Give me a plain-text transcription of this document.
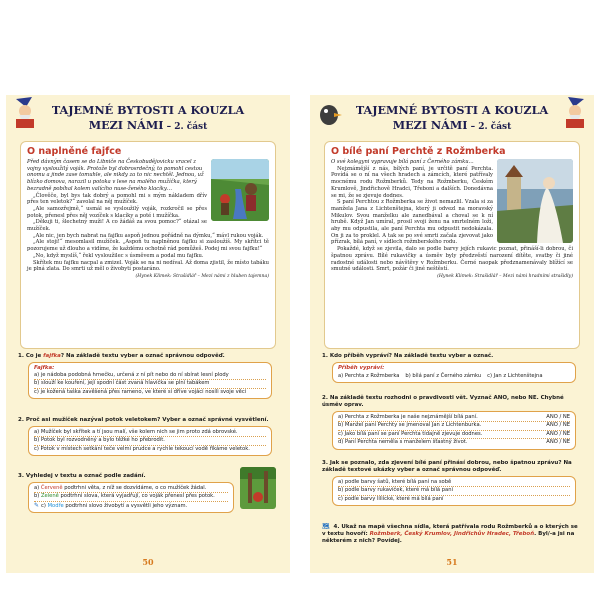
TAJEMNÉ BYTOSTI A KOUZLA
MEZI NÁMI – 2. část
O naplněné fajfce
Před dávným časem se do Libniče na Českobudějovicku vracel z vojny vysloužilý voják. Protože byl dobrosrdečný, to pomohl cestou onomu a jinde zase tomuhle, ale nikdy za to nic nechtěl. Jednou, už blízko domova, narazil u potoka v lese na malého mužíčka, který bezradně pobíhal kolem valícího nuse-ženého klacíky…

„Člověče, byl bys tak dobrý a pomohl mi s mým nákladem dřív přes ten veletok?“ zavolal na něj mužíček.

„Ale samozřejmě,“ usmál se vysloužilý voják, rozkročil se přes potok, přenesl přes něj vozíček s klacíky a poté i mužíčka.

„Děkuji ti, šlechetný muži! A co žádáš za svou pomoc?“ otázal se mužíček.

„Ale nic, jen bych nabrat na fajfku aspoň jednou pořádně na dýmku,“ mávl rukou voják.

„Ale stojí!“ mesomlasil mužíček. „Aspoň tu naplněnou fajfku si zasloužíš. My skřítci tě pozorujeme už dlouho a vidíme, že každému ochotně rád pomůžeš. Podej mi svou fajfku!“

„No, když myslíš,“ řekl vysloužilec s úsměvem a podal mu fajfku.

Skřítek mu fajfku nacpal a zmizel. Voják se na ni nedíval. Až doma zjistil, že místo tabáku je plná zlata. Do smrti už měl o živobytí postaráno.

(Hynek Klimek: Strašidlář – Mezi námi z hluben tajemna)
1. Co je fajfka? Na základě textu vyber a označ správnou odpověď.
Fajfka:
a) je nádoba podobná hrnečku, určená z ní pít nebo do ní sbírat lesní plody
b) slouží ke kouření, její spodní část zvaná hlavička se plní tabákem
c) je kožená taška zavěšená přes rameno, ve které si dříve vojáci nosili svoje věci
2. Proč asi mužíček nazýval potok veletokem? Vyber a označ správné vysvětlení.
a) Mužíček byl skřítek a tí jsou malí, vše kolem nich se jim proto zdá obrovské.
b) Potok byl rozvodněný a bylo těžké ho přebrodit.
c) Potok v místech setkání teče velmi prudce a rychle tekoucí vodě říkáme veletok.
3. Vyhledej v textu a označ podle zadání.
a) Červeně podtrhni věta, z níž se dozvídáme, o co mužíček žádal.
b) Zeleně podtrhni slova, která vyjadřují, co voják přenesl přes potok.
✎ c) Modře podtrhni slovo živobytí a vysvětli jeho význam.
50
TAJEMNÉ BYTOSTI A KOUZLA
MEZI NÁMI – 2. část
O bílé paní Perchtě z Rožmberka
O své kolegyni vypravuje bílá paní z Černého zámku…

Nejznámější z nás, bílých paní, je určitě paní Perchta. Povídá se o ní na všech hradech a zámcích, které patřívaly mocnému rodu Rožmberků. Tedy na Rožmberku, Českém Krumlově, Jindřichově Hradci, Třeboni a dalších. Donedávna se mi, že se zjevuje dodnes.

S paní Perchtou z Rožmberka se život nemazlil. Vzala si za manžela Jana z Lichtenštejna, který ji odvezl na moravský Mikulov. Svou manželku ale zanedbával a choval se k ní hrubě. Když Jan umíral, prosil svoji ženu na smrtelném loži, aby mu odpustila, ale paní Perchta mu odpustit nedokázala. On ji za to proklel. A tak se po své smrti začala zjevovat jako přízrak, bílá paní, v sídlech rožmberského rodu.

Pokaždé, když se zjevila, dalo se podle barvy jejích rukavic poznat, přináší-li dobrou, či špatnou zprávu. Bílé rukavičky a úsměv byly předzvěstí narození dítěte, svatby či jiné radostné události nebo návštěvy v Rožmberku. Černé naopak předznamenávaly blížící se smutné události. Smrt, požár či jiné neštěstí.

(Hynek Klimek: Strašidlář – Mezi námi hradními strašidly)
1. Kdo příběh vypráví? Na základě textu vyber a označ.
Příběh vypráví:
a) Perchta z Rožmberka b) bílá paní z Černého zámku c) Jan z Lichtenštejna
2. Na základě textu rozhodni o pravdivosti vět. Vyznač ANO, nebo NE. Chybné úsměv oprav.
a) Perchta z Rožmberka je naše nejznámější bílá paní.	ANO / NE
b) Manžel paní Perchty se jmenoval Jan z Lichtenburka.	ANO / NE
c) Jako bílá paní se paní Perchta tidajně zjevuje dodnes.	ANO / NE
d) Paní Perchta neměla s manželem šťastný život.	ANO / NE
3. Jak se poznalo, zda zjevení bílé paní přinásí dobrou, nebo špatnou zprávu? Na základě textové ukázky vyber a označ správnou odpověď.
a) podle barvy šatů, které bílá paní na sobě
b) podle barvy rukaviček, které má bílá paní
c) podle barvy liliícké, které má bílá paní
🗺 4. Ukaž na mapě všechna sídla, která patřívala rodu Rožmberků a o kterých se v textu hovoří: Rožmberk, Český Krumlov, Jindřichův Hradec, Třeboň. Byl/-a jsi na některém z nich? Povídej.
51
